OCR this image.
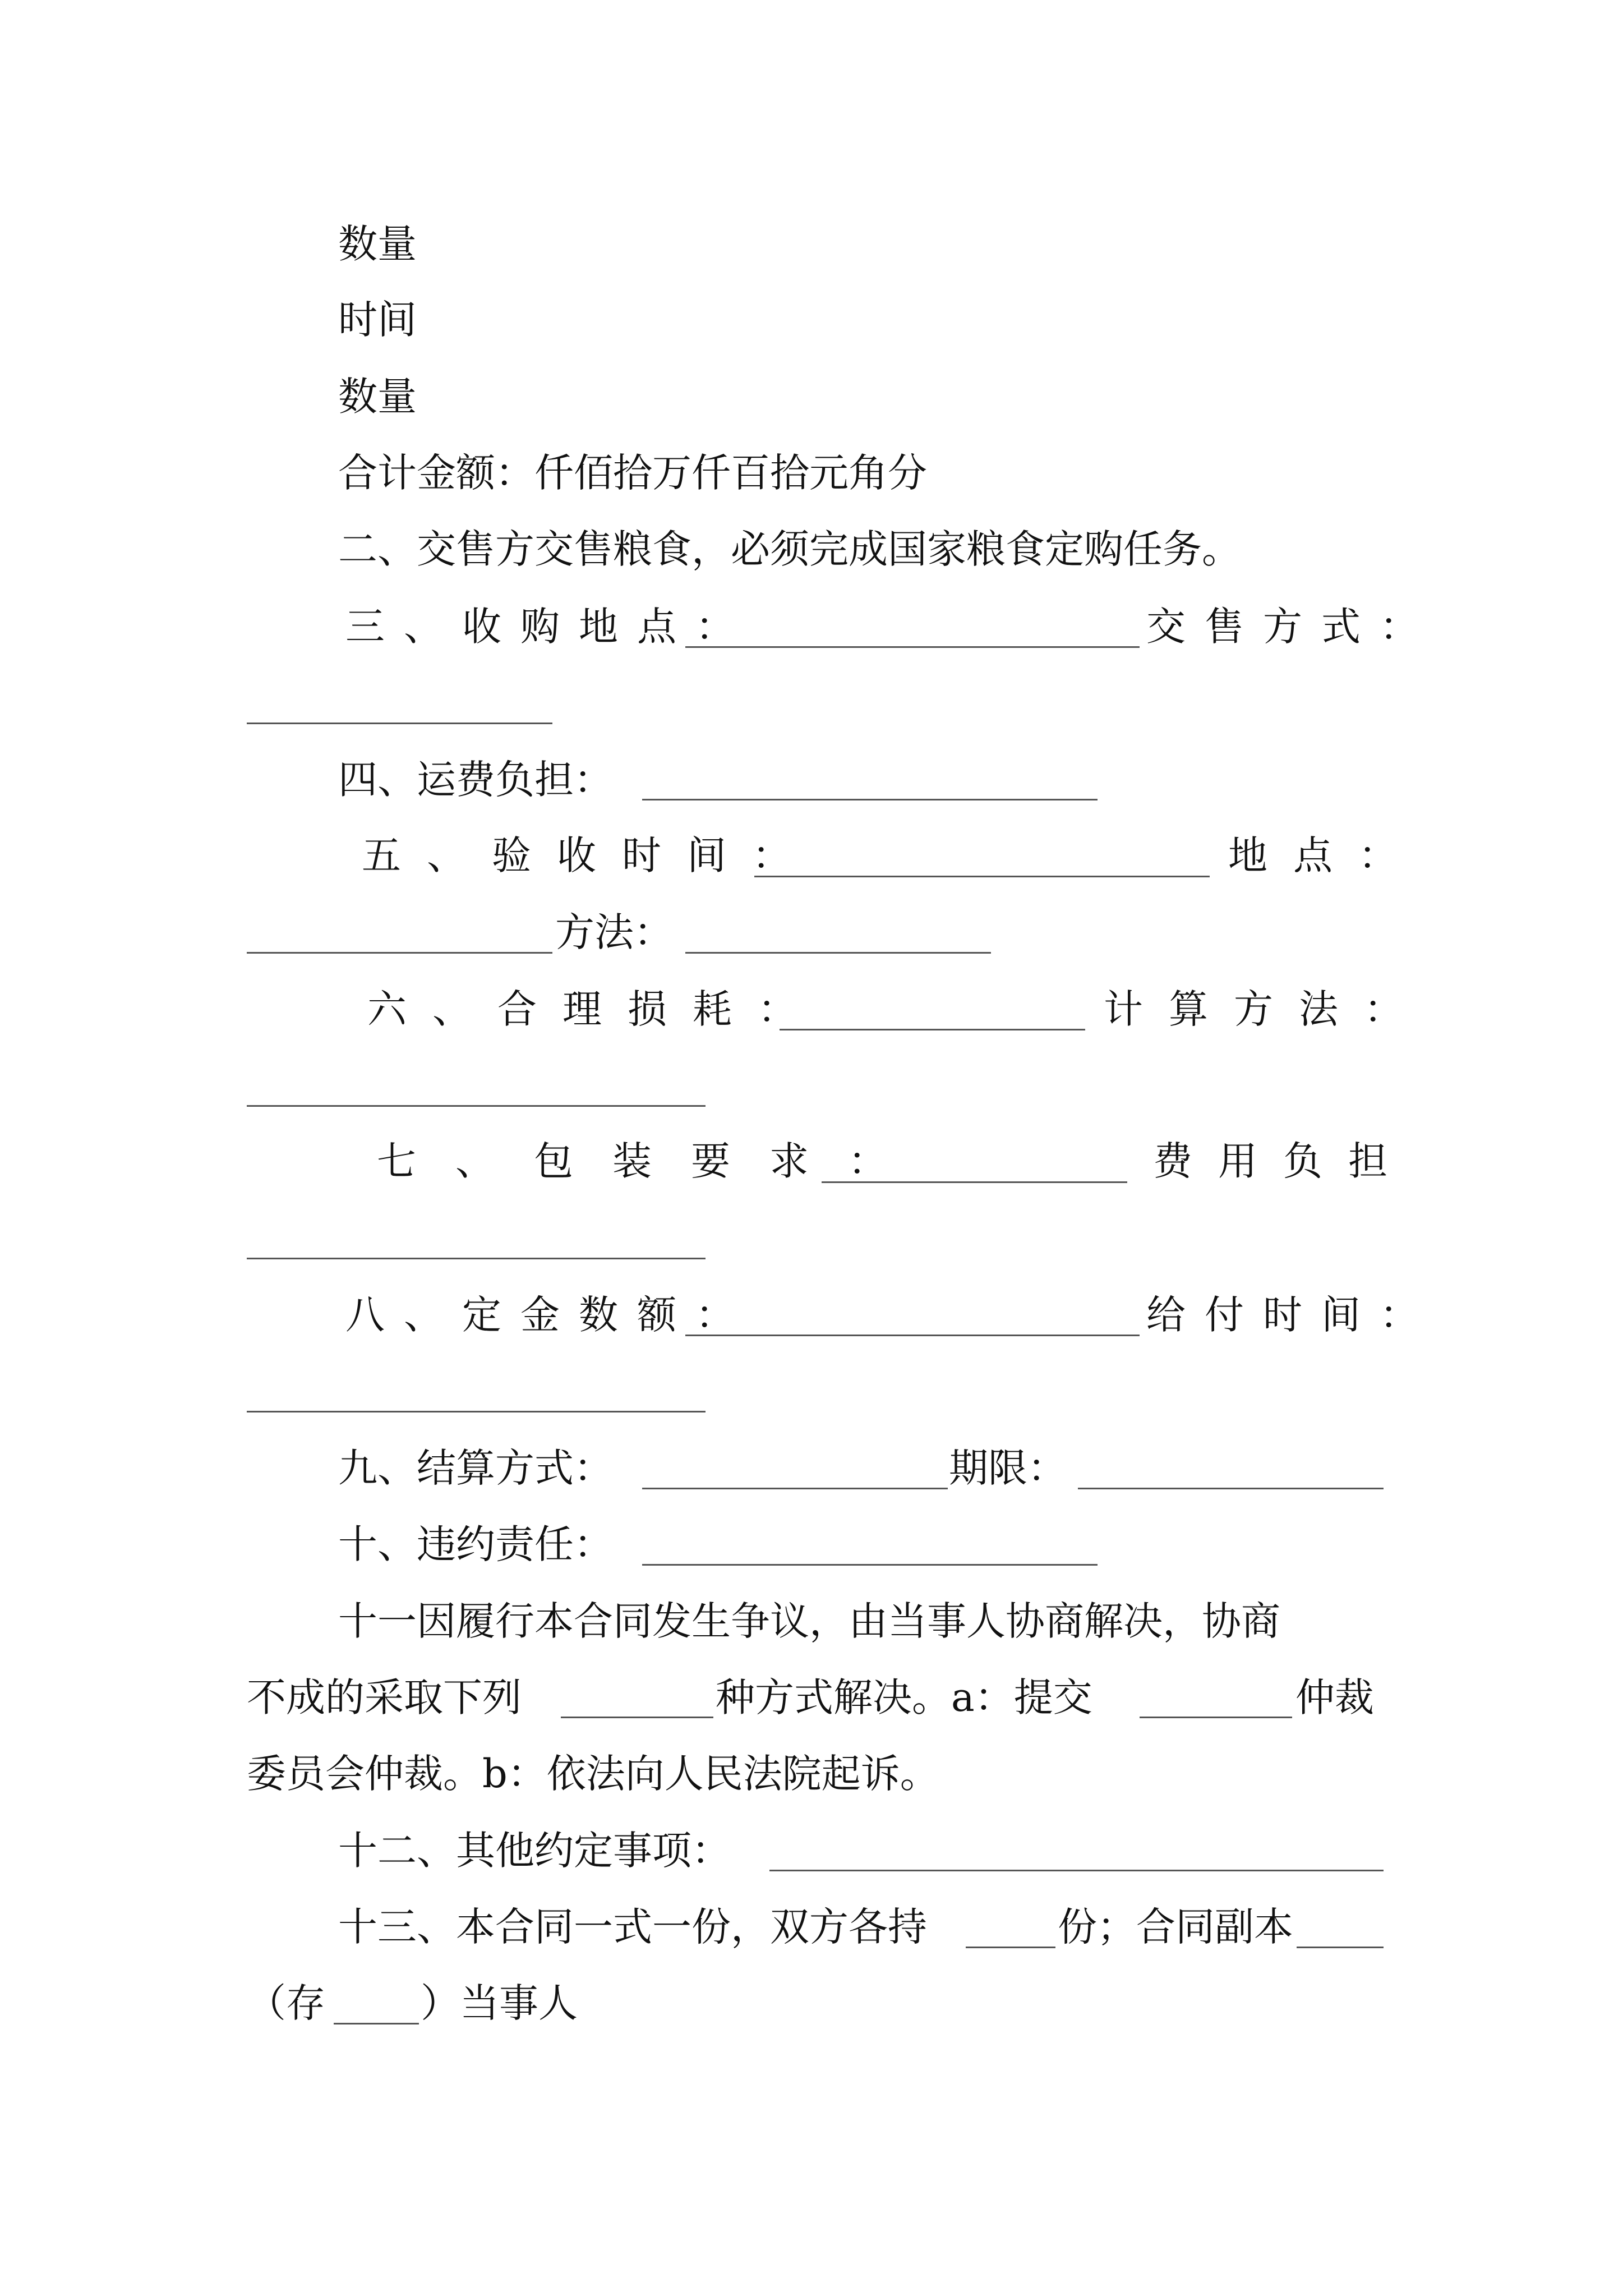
数量
时间
数量
合计金额：仟佰拾万仟百拾元角分
二、交售方交售粮食，必须完成国家粮食定购任务。
三、收购地点：	交售方式：
四、运费负担：
五、验收时间：	地点：
方法：
六、合理损耗：	计算方法：
七、包装要求：	费用负担
八、定金数额：	给付时间：
九、结算方式：	期限：
十、违约责任：
十一因履行本合同发生争议，由当事人协商解决，协商
不成的采取下列	种方式解决。a：提交	仲裁
委员会仲裁。b：依法向人民法院起诉。
十二、其他约定事项：
十三、本合同一式一份，双方各持	份；合同副本
（存 ）当事人
